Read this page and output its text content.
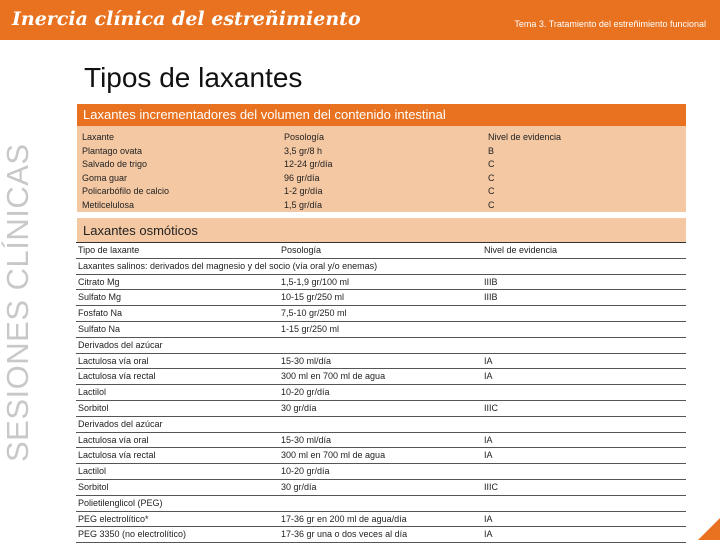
Inercia clínica del estreñimiento	Tema 3. Tratamiento del estreñimiento funcional
SESIONES CLÍNICAS
Tipos de laxantes
Laxantes incrementadores del volumen del contenido intestinal
Laxante	Posología	Nivel de evidencia
Plantago ovata	3,5 gr/8 h	B
Salvado de trigo	12-24 gr/día	C
Goma guar	96 gr/día	C
Policarbófilo de calcio	1-2 gr/día	C
Metilcelulosa	1,5 gr/día	C
Laxantes osmóticos
Tipo de laxante	Posología	Nivel de evidencia
Laxantes salinos: derivados del magnesio y del socio (vía oral y/o enemas)
Citrato Mg	1,5-1,9 gr/100 ml	IIIB
Sulfato Mg	10-15 gr/250 ml	IIIB
Fosfato Na	7,5-10 gr/250 ml
Sulfato Na	1-15 gr/250 ml
Derivados del azúcar
Lactulosa vía oral	15-30 ml/día	IA
Lactulosa vía rectal	300 ml en 700 ml de agua	IA
Lactilol	10-20 gr/día
Sorbitol	30 gr/día	IIIC
Derivados del azúcar
Lactulosa vía oral	15-30 ml/día	IA
Lactulosa vía rectal	300 ml en 700 ml de agua	IA
Lactilol	10-20 gr/día
Sorbitol	30 gr/día	IIIC
Polietilenglicol (PEG)
PEG electrolítico*	17-36 gr en 200 ml de agua/día	IA
PEG 3350 (no electrolítico)	17-36 gr una o dos veces al día	IA
